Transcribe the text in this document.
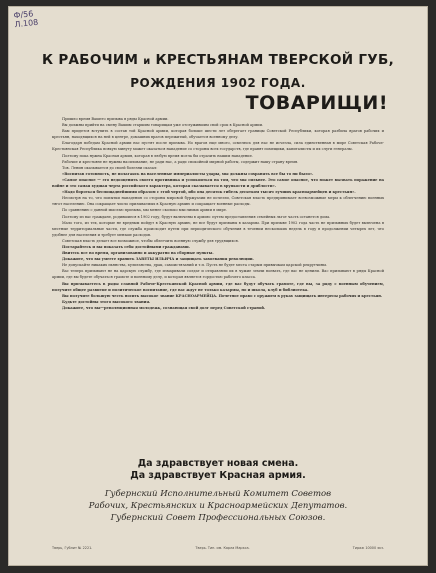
Ф/56
Л.108
К РАБОЧИМ и КРЕСТЬЯНАМ ТВЕРСКОЙ ГУБ,
РОЖДЕНИЯ 1902 ГОДА.
ТОВАРИЩИ!

Пришло время Вашего призыва в ряды Красной армии.

Вы должны прийти на смену Вашим старшим товарищам уже отслужившим свой срок в Красной армии.

Вам придется вступить в состав той Красной армии, которая больше шести лет оберегает границы Советской Республики, которая разбила врагов рабочих и крестьян, находящихся на ней в центре, домашних врагов пережитый, обучается военному делу.

Благодаря победам Красной армии нас пустят после призыва. Но врагов еще много, осмелюсь для нас не исчезла, сила единственная в мире Советская Рабоче-Крестьянская Республика всякую минуту может оказаться нападение со стороны всех государств, где правят помещики, капиталисты и их слуги генералы.

Поэтому пока нужна Красная армия, которая в любую время могла бы отразить нашим нападение.

Рабочие и крестьяне не нужны насилование, не ради нас, а ради спокойной мирной работы, содержит нашу страну время.

Тов. Ленин оказывается до своей болезни сказал:

«Воспитав готовность, не полагаясь на населенные империалисты удары, мы должны сохранять все бы то ни было».

«Самое опасное — это недооценить своего противника и успокоиться на том, что мы сильнее. Это самое опасное, что может вызвать поражение на войне и это самая худшая черта российского характера, которая сказывается в хрупкости и дряблости».

«Надо бороться беспощаднейшими образом с этой чертой, ибо она десяток гибель десятком тысяч лучших красноармейцев и крестьян».

Несмотря на то, что попытки нападения со стороны мировой буржуазии не исчезли, Советская власть предпринимает всевозможные меры к облегчению военных тягот населению. Она сокращает число призываемых в Красную армию и сокращает военные расходы.

По сравнению с данной мыслью призыва, мы менее сколько мыслимых армии в мире.

Поэтому из вас граждане, родившиеся в 1902 году, будут включены в армию: путем предоставления семейных льгот часть останется дома.

Мало того, из тех, которые не вредным пойдут в Красную армию, не все будут призваны в казармы. При призыве 1902 года часть не призывных будет включена в местные территориальные части, где служба происходит путем при периодического обучения в течении нескольких недель в году в продолжении четырех лет, что удобнее для населения и требует меньше расходов.

Советская власть делает все возможное, чтобы облегчить военную службу для трудящихся.

Постарайтесь и вы показать себя достойными гражданами.

Явитесь все во время, организованно и аккуратно на сборные пункты.

Докажите, что вы умеете хранить ЗАВЕТЫ ИЛЬИЧА и защищать завоевания революции.

Не допускайте никаких пьянства, хулиганства, драк, самоистязаний и т.п. Пусть не будет места старым привычкам царской рекрутчины.

Вас теперь призывают не на царскую службу, где измаривали солдат и отправляли их в чужие земли воевать, где вас не ценили. Вас призывают в ряды Красной армии, где вы будете обучаться грамоте и военному делу, и которая является гордостью рабочего класса.

Вы призываетесь в ряды славной Рабоче-Крестьянской Красной армии, где вас будут обучать грамоте, где вы, за ряду с военным обучением, получите общее развитие и политическое воспитание, где вас ждут не только казармы, но и школа, клуб и библиотека.

Вы получите большую честь носить высокое звание КРАСНОАРМЕЙЦА. Почетное право с оружием в руках защищать интересы рабочих и крестьян.

Будьте достойны этого высокого звания.

Докажите, что вы—революционная молодежь, сознающая свой долг перед Советской страной.

Да здравствует новая смена.
Да здравствует Красная армия.
Губернский Исполнительный Комитет Советов
Рабочих, Крестьянских и Красноармейских Депутатов.
Губернский Совет Профессиональных Союзов.
Тверь, Гублит № 2221.	Тверь. Тип. им. Карла Маркса.	Тираж 10000 экз.
